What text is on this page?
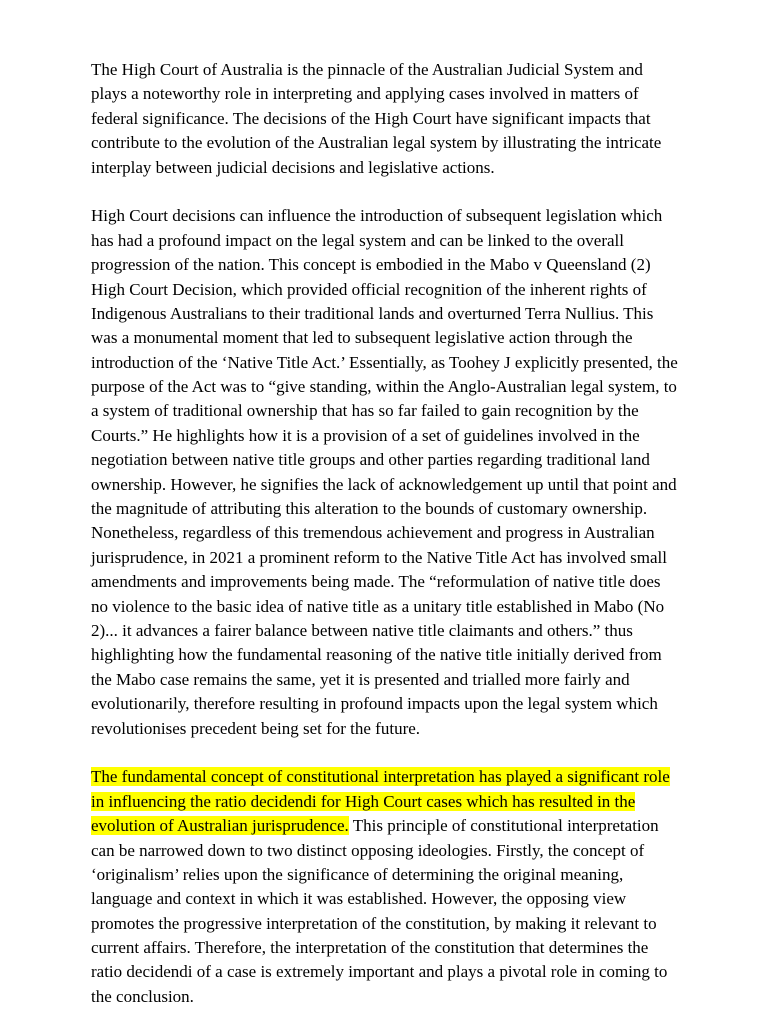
The High Court of Australia is the pinnacle of the Australian Judicial System and
plays a noteworthy role in interpreting and applying cases involved in matters of
federal significance. The decisions of the High Court have significant impacts that
contribute to the evolution of the Australian legal system by illustrating the intricate
interplay between judicial decisions and legislative actions.
High Court decisions can influence the introduction of subsequent legislation which
has had a profound impact on the legal system and can be linked to the overall
progression of the nation. This concept is embodied in the Mabo v Queensland (2)
High Court Decision, which provided official recognition of the inherent rights of
Indigenous Australians to their traditional lands and overturned Terra Nullius. This
was a monumental moment that led to subsequent legislative action through the
introduction of the ‘Native Title Act.’ Essentially, as Toohey J explicitly presented, the
purpose of the Act was to “give standing, within the Anglo-Australian legal system, to
a system of traditional ownership that has so far failed to gain recognition by the
Courts.” He highlights how it is a provision of a set of guidelines involved in the
negotiation between native title groups and other parties regarding traditional land
ownership. However, he signifies the lack of acknowledgement up until that point and
the magnitude of attributing this alteration to the bounds of customary ownership.
Nonetheless, regardless of this tremendous achievement and progress in Australian
jurisprudence, in 2021 a prominent reform to the Native Title Act has involved small
amendments and improvements being made. The “reformulation of native title does
no violence to the basic idea of native title as a unitary title established in Mabo (No
2)... it advances a fairer balance between native title claimants and others.” thus
highlighting how the fundamental reasoning of the native title initially derived from
the Mabo case remains the same, yet it is presented and trialled more fairly and
evolutionarily, therefore resulting in profound impacts upon the legal system which
revolutionises precedent being set for the future.
The fundamental concept of constitutional interpretation has played a significant role
in influencing the ratio decidendi for High Court cases which has resulted in the
evolution of Australian jurisprudence. This principle of constitutional interpretation
can be narrowed down to two distinct opposing ideologies. Firstly, the concept of
‘originalism’ relies upon the significance of determining the original meaning,
language and context in which it was established. However, the opposing view
promotes the progressive interpretation of the constitution, by making it relevant to
current affairs. Therefore, the interpretation of the constitution that determines the
ratio decidendi of a case is extremely important and plays a pivotal role in coming to
the conclusion.
